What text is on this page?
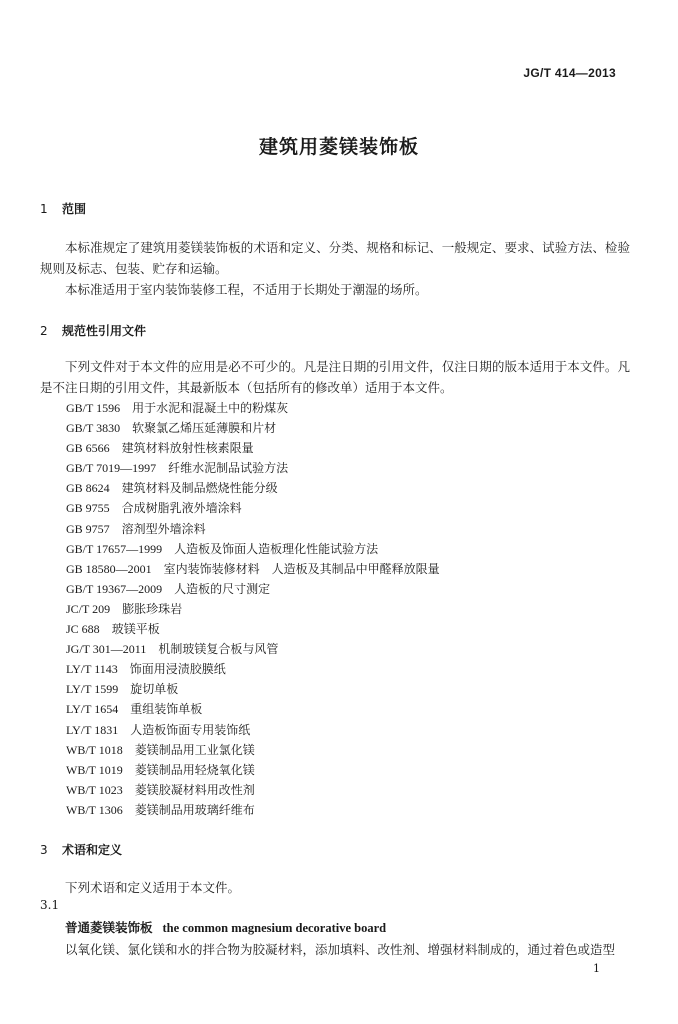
JG/T 414—2013
建筑用菱镁装饰板
1 范围
本标准规定了建筑用菱镁装饰板的术语和定义、分类、规格和标记、一般规定、要求、试验方法、检验规则及标志、包装、贮存和运输。
本标准适用于室内装饰装修工程，不适用于长期处于潮湿的场所。
2 规范性引用文件
下列文件对于本文件的应用是必不可少的。凡是注日期的引用文件，仅注日期的版本适用于本文件。凡是不注日期的引用文件，其最新版本（包括所有的修改单）适用于本文件。
GB/T 1596 用于水泥和混凝土中的粉煤灰
GB/T 3830 软聚氯乙烯压延薄膜和片材
GB 6566 建筑材料放射性核素限量
GB/T 7019—1997 纤维水泥制品试验方法
GB 8624 建筑材料及制品燃烧性能分级
GB 9755 合成树脂乳液外墙涂料
GB 9757 溶剂型外墙涂料
GB/T 17657—1999 人造板及饰面人造板理化性能试验方法
GB 18580—2001 室内装饰装修材料　人造板及其制品中甲醛释放限量
GB/T 19367—2009 人造板的尺寸测定
JC/T 209 膨胀珍珠岩
JC 688 玻镁平板
JG/T 301—2011 机制玻镁复合板与风管
LY/T 1143 饰面用浸渍胶膜纸
LY/T 1599 旋切单板
LY/T 1654 重组装饰单板
LY/T 1831 人造板饰面专用装饰纸
WB/T 1018 菱镁制品用工业氯化镁
WB/T 1019 菱镁制品用轻烧氧化镁
WB/T 1023 菱镁胶凝材料用改性剂
WB/T 1306 菱镁制品用玻璃纤维布
3 术语和定义
下列术语和定义适用于本文件。
3.1
普通菱镁装饰板 the common magnesium decorative board
以氧化镁、氯化镁和水的拌合物为胶凝材料，添加填料、改性剂、增强材料制成的，通过着色或造型
1
